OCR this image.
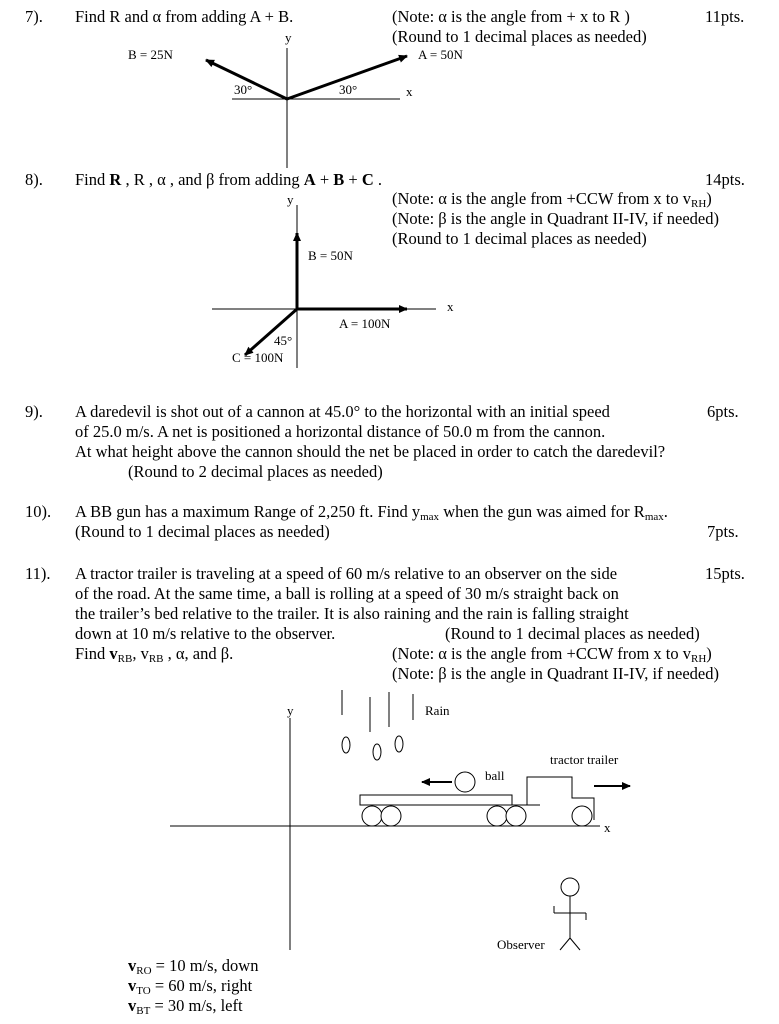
7). Find R and α from adding A + B.	(Note: α is the angle from + x to R )	11pts.
(Round to 1 decimal places as needed)
y
B = 25N	A = 50N
30°	30°	x
8). Find R , R , α , and β from adding A + B + C .	14pts.
(Note: α is the angle from +CCW from x to $v_{RH}$)
(Note: β is the angle in Quadrant II-IV, if needed)
(Round to 1 decimal places as needed)
y
B = 50N
x
A = 100N
45°
C = 100N
9). A daredevil is shot out of a cannon at 45.0° to the horizontal with an initial speed	6pts.
of 25.0 m/s. A net is positioned a horizontal distance of 50.0 m from the cannon.
At what height above the cannon should the net be placed in order to catch the daredevil?
(Round to 2 decimal places as needed)
10). A BB gun has a maximum Range of 2,250 ft. Find $y_{max}$ when the gun was aimed for $R_{max}$.
(Round to 1 decimal places as needed)	7pts.
11). A tractor trailer is traveling at a speed of 60 m/s relative to an observer on the side	15pts.
of the road. At the same time, a ball is rolling at a speed of 30 m/s straight back on
the trailer’s bed relative to the trailer. It is also raining and the rain is falling straight
down at 10 m/s relative to the observer.	(Round to 1 decimal places as needed)
Find $v_{RB}$, $v_{RB}$ , α, and β.	(Note: α is the angle from +CCW from x to $v_{RH}$)
(Note: β is the angle in Quadrant II-IV, if needed)
y	Rain
tractor trailer
ball
x
Observer
$v_{RO} = 10$ m/s, down
$v_{TO} = 60$ m/s, right
$v_{BT} = 30$ m/s, left
